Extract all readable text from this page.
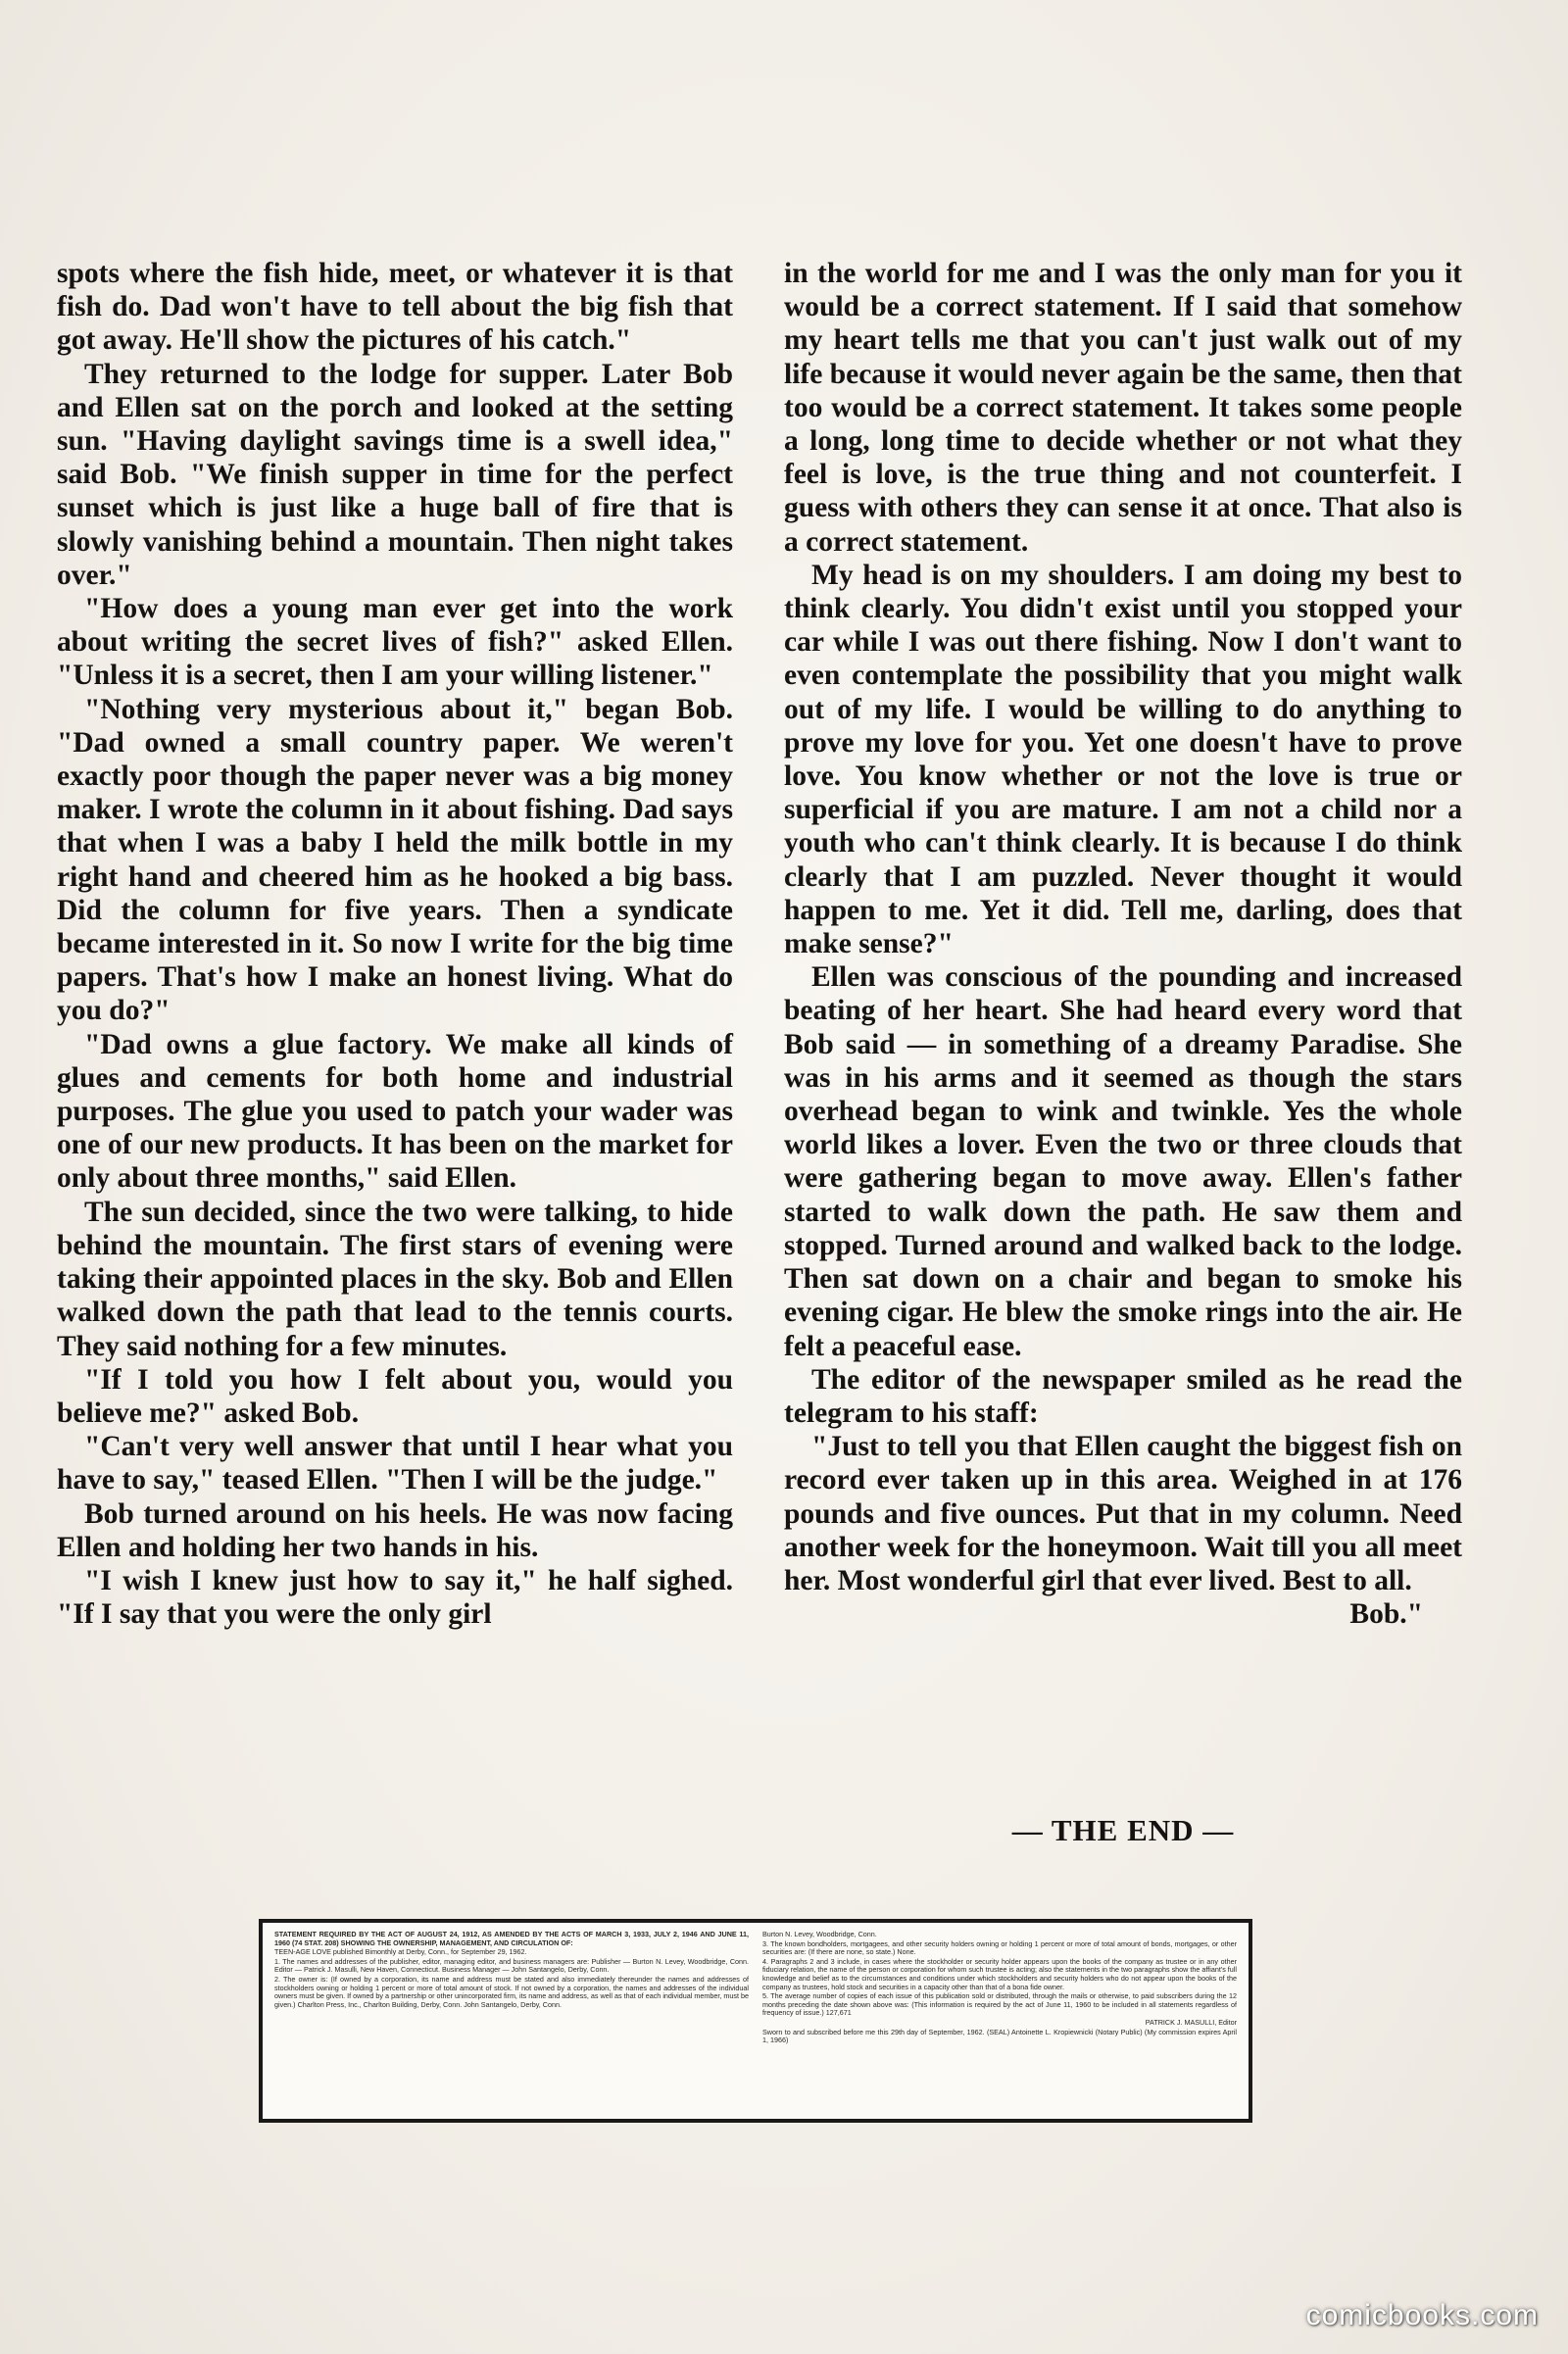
spots where the fish hide, meet, or whatever it is that fish do. Dad won't have to tell about the big fish that got away. He'll show the pictures of his catch."

They returned to the lodge for supper. Later Bob and Ellen sat on the porch and looked at the setting sun. "Having daylight savings time is a swell idea," said Bob. "We finish supper in time for the perfect sunset which is just like a huge ball of fire that is slowly vanishing behind a mountain. Then night takes over."

"How does a young man ever get into the work about writing the secret lives of fish?" asked Ellen. "Unless it is a secret, then I am your willing listener."

"Nothing very mysterious about it," began Bob. "Dad owned a small country paper. We weren't exactly poor though the paper never was a big money maker. I wrote the column in it about fishing. Dad says that when I was a baby I held the milk bottle in my right hand and cheered him as he hooked a big bass. Did the column for five years. Then a syndicate became interested in it. So now I write for the big time papers. That's how I make an honest living. What do you do?"

"Dad owns a glue factory. We make all kinds of glues and cements for both home and industrial purposes. The glue you used to patch your wader was one of our new products. It has been on the market for only about three months," said Ellen.

The sun decided, since the two were talking, to hide behind the mountain. The first stars of evening were taking their appointed places in the sky. Bob and Ellen walked down the path that lead to the tennis courts. They said nothing for a few minutes.

"If I told you how I felt about you, would you believe me?" asked Bob.

"Can't very well answer that until I hear what you have to say," teased Ellen. "Then I will be the judge."

Bob turned around on his heels. He was now facing Ellen and holding her two hands in his.

"I wish I knew just how to say it," he half sighed. "If I say that you were the only girl

in the world for me and I was the only man for you it would be a correct statement. If I said that somehow my heart tells me that you can't just walk out of my life because it would never again be the same, then that too would be a correct statement. It takes some people a long, long time to decide whether or not what they feel is love, is the true thing and not counterfeit. I guess with others they can sense it at once. That also is a correct statement.

My head is on my shoulders. I am doing my best to think clearly. You didn't exist until you stopped your car while I was out there fishing. Now I don't want to even contemplate the possibility that you might walk out of my life. I would be willing to do anything to prove my love for you. Yet one doesn't have to prove love. You know whether or not the love is true or superficial if you are mature. I am not a child nor a youth who can't think clearly. It is because I do think clearly that I am puzzled. Never thought it would happen to me. Yet it did. Tell me, darling, does that make sense?"

Ellen was conscious of the pounding and increased beating of her heart. She had heard every word that Bob said — in something of a dreamy Paradise. She was in his arms and it seemed as though the stars overhead began to wink and twinkle. Yes the whole world likes a lover. Even the two or three clouds that were gathering began to move away. Ellen's father started to walk down the path. He saw them and stopped. Turned around and walked back to the lodge. Then sat down on a chair and began to smoke his evening cigar. He blew the smoke rings into the air. He felt a peaceful ease.

The editor of the newspaper smiled as he read the telegram to his staff:

"Just to tell you that Ellen caught the biggest fish on record ever taken up in this area. Weighed in at 176 pounds and five ounces. Put that in my column. Need another week for the honeymoon. Wait till you all meet her. Most wonderful girl that ever lived. Best to all.

Bob."

— THE END —

STATEMENT REQUIRED BY THE ACT OF AUGUST 24, 1912, AS AMENDED BY THE ACTS OF MARCH 3, 1933, JULY 2, 1946 AND JUNE 11, 1960 (74 STAT. 208) SHOWING THE OWNERSHIP, MANAGEMENT, AND CIRCULATION OF:

TEEN-AGE LOVE published Bimonthly at Derby, Conn., for September 29, 1962.

1. The names and addresses of the publisher, editor, managing editor, and business managers are: Publisher — Burton N. Levey, Woodbridge, Conn. Editor — Patrick J. Masulli, New Haven, Connecticut. Business Manager — John Santangelo, Derby, Conn.

2. The owner is: (If owned by a corporation, its name and address must be stated and also immediately thereunder the names and addresses of stockholders owning or holding 1 percent or more of total amount of stock. If not owned by a corporation, the names and addresses of the individual owners must be given. If owned by a partnership or other unincorporated firm, its name and address, as well as that of each individual member, must be given.) Charlton Press, Inc., Charlton Building, Derby, Conn. John Santangelo, Derby, Conn.

Burton N. Levey, Woodbridge, Conn.

3. The known bondholders, mortgagees, and other security holders owning or holding 1 percent or more of total amount of bonds, mortgages, or other securities are: (If there are none, so state.) None.

4. Paragraphs 2 and 3 include, in cases where the stockholder or security holder appears upon the books of the company as trustee or in any other fiduciary relation, the name of the person or corporation for whom such trustee is acting; also the statements in the two paragraphs show the affiant's full knowledge and belief as to the circumstances and conditions under which stockholders and security holders who do not appear upon the books of the company as trustees, hold stock and securities in a capacity other than that of a bona fide owner.

5. The average number of copies of each issue of this publication sold or distributed, through the mails or otherwise, to paid subscribers during the 12 months preceding the date shown above was: (This information is required by the act of June 11, 1960 to be included in all statements regardless of frequency of issue.) 127,671

PATRICK J. MASULLI, Editor

Sworn to and subscribed before me this 29th day of September, 1962. (SEAL) Antoinette L. Kropiewnicki (Notary Public) (My commission expires April 1, 1966)

comicbooks.com
